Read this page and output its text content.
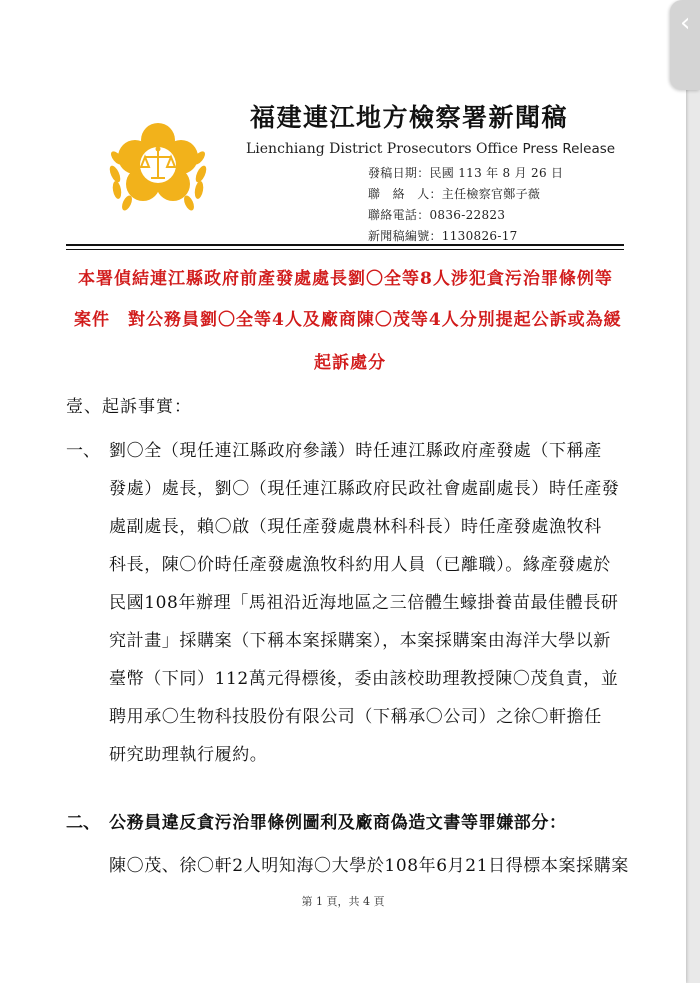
福建連江地方檢察署新聞稿
Lienchiang District Prosecutors Office Press Release
發稿日期：民國 113 年 8 月 26 日
聯　絡　人：主任檢察官鄭子薇
聯絡電話：0836-22823
新聞稿編號：1130826-17
本署偵結連江縣政府前產發處處長劉〇全等8人涉犯貪污治罪條例等
案件　對公務員劉〇全等4人及廠商陳〇茂等4人分別提起公訴或為緩
起訴處分
壹、起訴事實：
一、 劉〇全（現任連江縣政府參議）時任連江縣政府產發處（下稱產
發處）處長，劉〇（現任連江縣政府民政社會處副處長）時任產發
處副處長，賴〇啟（現任產發處農林科科長）時任產發處漁牧科
科長，陳〇价時任產發處漁牧科約用人員（已離職）。緣產發處於
民國108年辦理「馬祖沿近海地區之三倍體生蠔掛養苗最佳體長研
究計畫」採購案（下稱本案採購案），本案採購案由海洋大學以新
臺幣（下同）112萬元得標後，委由該校助理教授陳〇茂負責，並
聘用承〇生物科技股份有限公司（下稱承〇公司）之徐〇軒擔任
研究助理執行履約。
二、 公務員違反貪污治罪條例圖利及廠商偽造文書等罪嫌部分：
陳〇茂、徐〇軒2人明知海〇大學於108年6月21日得標本案採購案
第 1 頁，共 4 頁
‹
